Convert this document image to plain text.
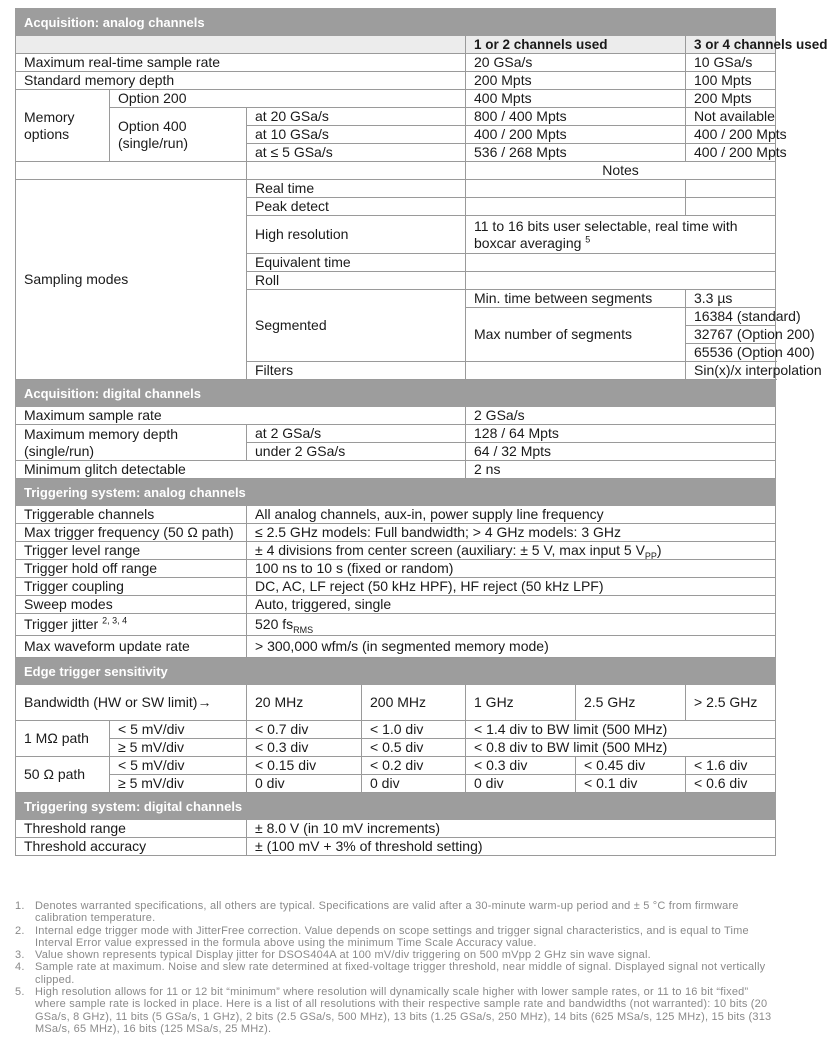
Acquisition: analog channels						
				1 or 2 channels used		3 or 4 channels used
Maximum real-time sample rate				20 GSa/s		10 GSa/s
Standard memory depth				200 Mpts		100 Mpts
Memory options	Option 200			400 Mpts		200 Mpts
	Option 400 (single/run)	at 20 GSa/s		800 / 400 Mpts		Not available
		at 10 GSa/s		400 / 200 Mpts		400 / 200 Mpts
		at ≤ 5 GSa/s		536 / 268 Mpts		400 / 200 Mpts
				Notes		
Sampling modes		Real time				
		Peak detect				
		High resolution		11 to 16 bits user selectable, real time with boxcar averaging $^5$
		Equivalent time				
		Roll				
		Segmented		Min. time between segments		3.3 µs
				Max number of segments		16384 (standard)
						32767 (Option 200)
						65536 (Option 400)
		Filters				Sin(x)/x interpolation
Acquisition: digital channels						
Maximum sample rate				2 GSa/s		
Maximum memory depth (single/run)		at 2 GSa/s		128 / 64 Mpts		
		under 2 GSa/s		64 / 32 Mpts		
Minimum glitch detectable				2 ns		
Triggering system: analog channels						
Triggerable channels		All analog channels, aux-in, power supply line frequency				
Max trigger frequency (50 Ω path)		≤ 2.5 GHz models: Full bandwidth; > 4 GHz models: 3 GHz				
Trigger level range		± 4 divisions from center screen (auxiliary: ± 5 V, max input 5 $V_{PP}$)				
Trigger hold off range		100 ns to 10 s (fixed or random)				
Trigger coupling		DC, AC, LF reject (50 kHz HPF), HF reject (50 kHz LPF)				
Sweep modes		Auto, triggered, single				
Trigger jitter $^{2, 3, 4}$		520 $fs_{RMS}$
Max waveform update rate		> 300,000 wfm/s (in segmented memory mode)				
Edge trigger sensitivity						
Bandwidth (HW or SW limit)→		20 MHz	200 MHz	1 GHz	2.5 GHz	> 2.5 GHz
1 MΩ path	< 5 mV/div	< 0.7 div	< 1.0 div	< 1.4 div to BW limit (500 MHz)		
	≥ 5 mV/div	< 0.3 div	< 0.5 div	< 0.8 div to BW limit (500 MHz)		
50 Ω path	< 5 mV/div	< 0.15 div	< 0.2 div	< 0.3 div	< 0.45 div	< 1.6 div
	≥ 5 mV/div	0 div	0 div	0 div	< 0.1 div	< 0.6 div
Triggering system: digital channels						
Threshold range		± 8.0 V (in 10 mV increments)				
Threshold accuracy		± (100 mV + 3% of threshold setting)				
1. Denotes warranted specifications, all others are typical. Specifications are valid after a 30-minute warm-up period and ± 5 °C from firmware calibration temperature.
2. Internal edge trigger mode with JitterFree correction. Value depends on scope settings and trigger signal characteristics, and is equal to Time Interval Error value expressed in the formula above using the minimum Time Scale Accuracy value.
3. Value shown represents typical Display jitter for DSOS404A at 100 mV/div triggering on 500 mVpp 2 GHz sin wave signal.
4. Sample rate at maximum. Noise and slew rate determined at fixed-voltage trigger threshold, near middle of signal. Displayed signal not vertically clipped.
5. High resolution allows for 11 or 12 bit “minimum” where resolution will dynamically scale higher with lower sample rates, or 11 to 16 bit “fixed” where sample rate is locked in place. Here is a list of all resolutions with their respective sample rate and bandwidths (not warranted): 10 bits (20 GSa/s, 8 GHz), 11 bits (5 GSa/s, 1 GHz), 2 bits (2.5 GSa/s, 500 MHz), 13 bits (1.25 GSa/s, 250 MHz), 14 bits (625 MSa/s, 125 MHz), 15 bits (313 MSa/s, 65 MHz), 16 bits (125 MSa/s, 25 MHz).
